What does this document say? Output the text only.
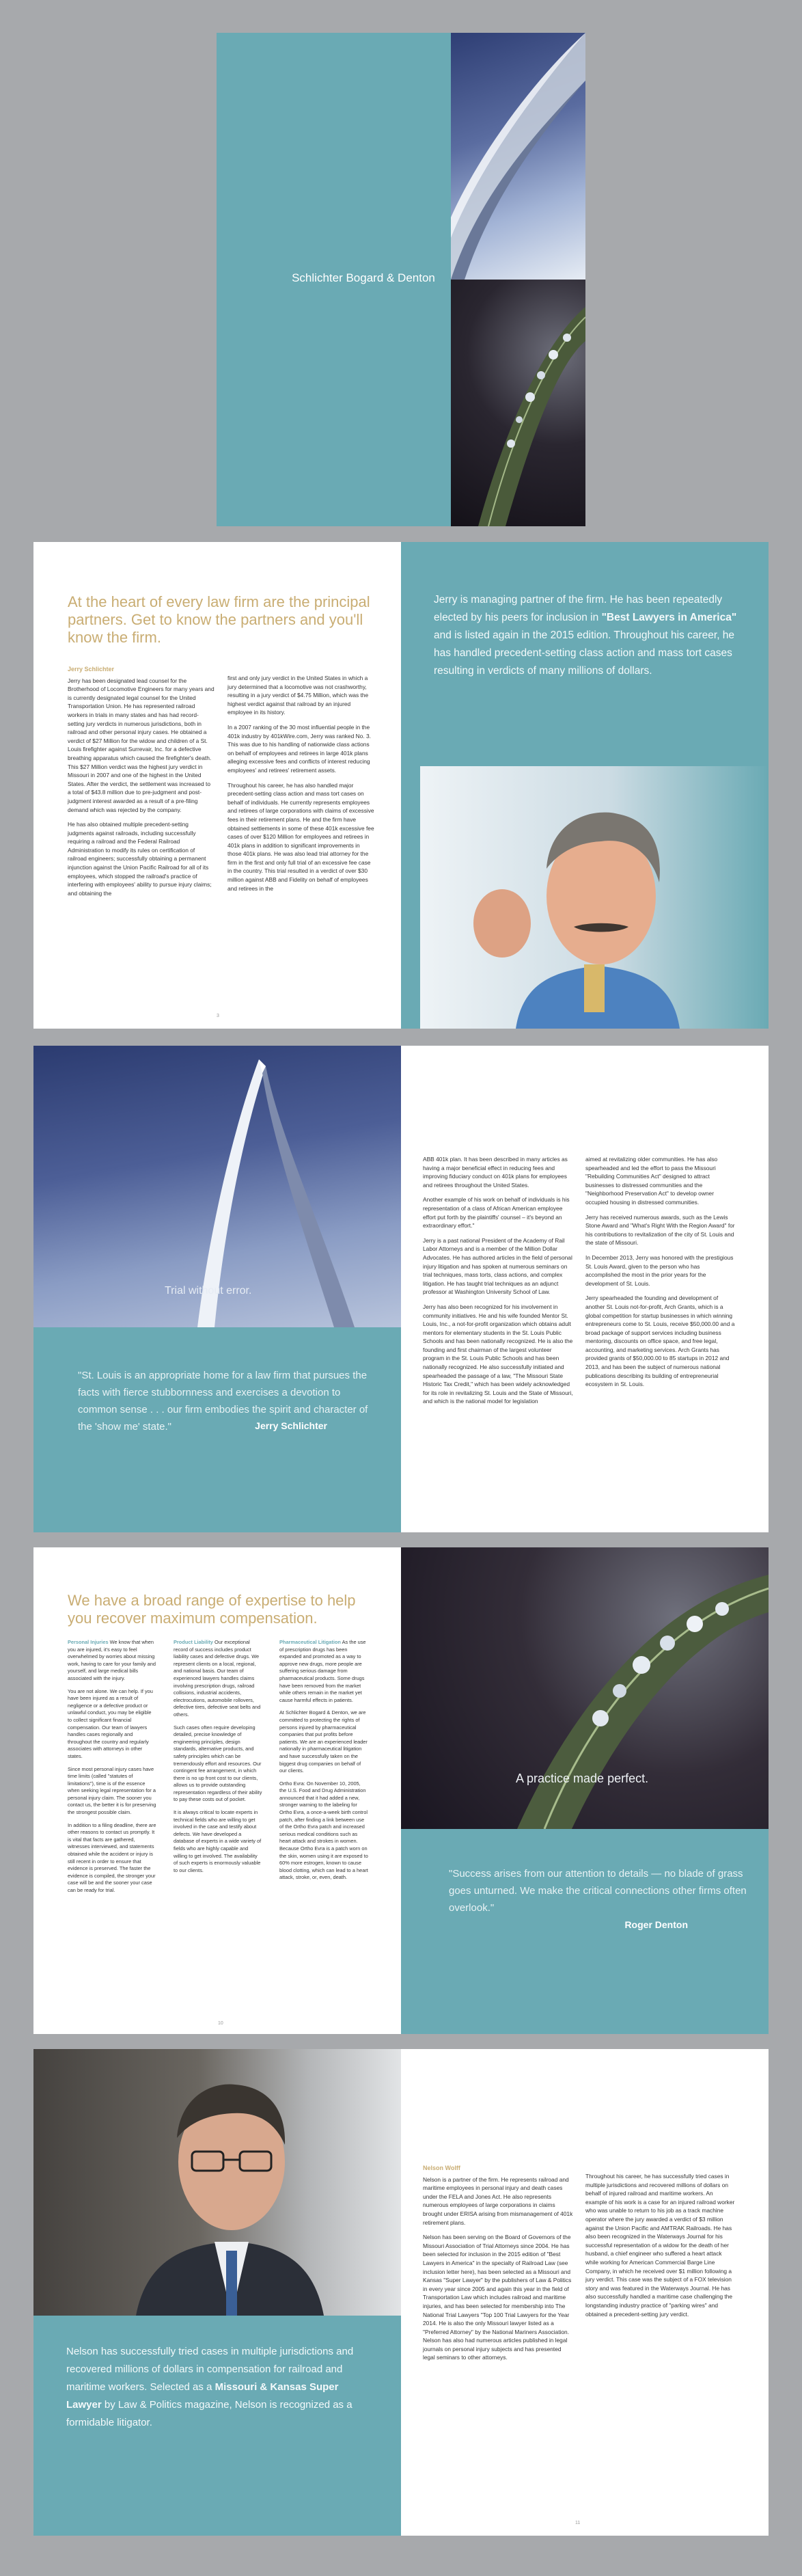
Schlichter Bogard & Denton
At the heart of every law firm are the principal partners. Get to know the partners and you'll know the firm.
Jerry Schlichter

Jerry has been designated lead counsel for the Brotherhood of Locomotive Engineers for many years and is currently designated legal counsel for the United Transportation Union. He has represented railroad workers in trials in many states and has had record-setting jury verdicts in numerous jurisdictions, both in railroad and other personal injury cases. He obtained a verdict of $27 Million for the widow and children of a St. Louis firefighter against Surrevair, Inc. for a defective breathing apparatus which caused the firefighter's death. This $27 Million verdict was the highest jury verdict in Missouri in 2007 and one of the highest in the United States. After the verdict, the settlement was increased to a total of $43.8 million due to pre-judgment and post-judgment interest awarded as a result of a pre-filing demand which was rejected by the company.

He has also obtained multiple precedent-setting judgments against railroads, including successfully requiring a railroad and the Federal Railroad Administration to modify its rules on certification of railroad engineers; successfully obtaining a permanent injunction against the Union Pacific Railroad for all of its employees, which stopped the railroad's practice of interfering with employees' ability to pursue injury claims; and obtaining the

first and only jury verdict in the United States in which a jury determined that a locomotive was not crashworthy, resulting in a jury verdict of $4.75 Million, which was the highest verdict against that railroad by an injured employee in its history.

In a 2007 ranking of the 30 most influential people in the 401k industry by 401kWire.com, Jerry was ranked No. 3. This was due to his handling of nationwide class actions on behalf of employees and retirees in large 401k plans alleging excessive fees and conflicts of interest reducing employees' and retirees' retirement assets.

Throughout his career, he has also handled major precedent-setting class action and mass tort cases on behalf of individuals. He currently represents employees and retirees of large corporations with claims of excessive fees in their retirement plans. He and the firm have obtained settlements in some of these 401k excessive fee cases of over $120 Million for employees and retirees in 401k plans in addition to significant improvements in those 401k plans. He was also lead trial attorney for the firm in the first and only full trial of an excessive fee case in the country. This trial resulted in a verdict of over $30 million against ABB and Fidelity on behalf of employees and retirees in the

3
Jerry is managing partner of the firm. He has been repeatedly elected by his peers for inclusion in "Best Lawyers in America" and is listed again in the 2015 edition. Throughout his career, he has handled precedent-setting class action and mass tort cases resulting in verdicts of many millions of dollars.
Trial without error.
"St. Louis is an appropriate home for a law firm that pursues the facts with fierce stubbornness and exercises a devotion to common sense . . . our firm embodies the spirit and character of the 'show me' state."	Jerry Schlichter

ABB 401k plan. It has been described in many articles as having a major beneficial effect in reducing fees and improving fiduciary conduct on 401k plans for employees and retirees throughout the United States.

Another example of his work on behalf of individuals is his representation of a class of African American employee effort put forth by the plaintiffs' counsel – it's beyond an extraordinary effort."

Jerry is a past national President of the Academy of Rail Labor Attorneys and is a member of the Million Dollar Advocates. He has authored articles in the field of personal injury litigation and has spoken at numerous seminars on trial techniques, mass torts, class actions, and complex litigation. He has taught trial techniques as an adjunct professor at Washington University School of Law.

Jerry has also been recognized for his involvement in community initiatives. He and his wife founded Mentor St. Louis, Inc., a not-for-profit organization which obtains adult mentors for elementary students in the St. Louis Public Schools and has been nationally recognized. He is also the founding and first chairman of the largest volunteer program in the St. Louis Public Schools and has been nationally recognized. He also successfully initiated and spearheaded the passage of a law, "The Missouri State Historic Tax Credit," which has been widely acknowledged for its role in revitalizing St. Louis and the State of Missouri, and which is the national model for legislation

aimed at revitalizing older communities. He has also spearheaded and led the effort to pass the Missouri "Rebuilding Communities Act" designed to attract businesses to distressed communities and the "Neighborhood Preservation Act" to develop owner occupied housing in distressed communities.

Jerry has received numerous awards, such as the Lewis Stone Award and "What's Right With the Region Award" for his contributions to revitalization of the city of St. Louis and the state of Missouri.

In December 2013, Jerry was honored with the prestigious St. Louis Award, given to the person who has accomplished the most in the prior years for the development of St. Louis.

Jerry spearheaded the founding and development of another St. Louis not-for-profit, Arch Grants, which is a global competition for startup businesses in which winning entrepreneurs come to St. Louis, receive $50,000.00 and a broad package of support services including business mentoring, discounts on office space, and free legal, accounting, and marketing services. Arch Grants has provided grants of $50,000.00 to 85 startups in 2012 and 2013, and has been the subject of numerous national publications describing its building of entrepreneurial ecosystem in St. Louis.

We have a broad range of expertise to help you recover maximum compensation.

Personal Injuries We know that when you are injured, it's easy to feel overwhelmed by worries about missing work, having to care for your family and yourself, and large medical bills associated with the injury.

You are not alone. We can help. If you have been injured as a result of negligence or a defective product or unlawful conduct, you may be eligible to collect significant financial compensation. Our team of lawyers handles cases regionally and throughout the country and regularly associates with attorneys in other states.

Since most personal injury cases have time limits (called "statutes of limitations"), time is of the essence when seeking legal representation for a personal injury claim. The sooner you contact us, the better it is for preserving the strongest possible claim.

In addition to a filing deadline, there are other reasons to contact us promptly. It is vital that facts are gathered, witnesses interviewed, and statements obtained while the accident or injury is still recent in order to ensure that evidence is preserved. The faster the evidence is compiled, the stronger your case will be and the sooner your case can be ready for trial.

Product Liability Our exceptional record of success includes product liability cases and defective drugs. We represent clients on a local, regional, and national basis. Our team of experienced lawyers handles claims involving prescription drugs, railroad collisions, industrial accidents, electrocutions, automobile rollovers, defective tires, defective seat belts and others.

Such cases often require developing detailed, precise knowledge of engineering principles, design standards, alternative products, and safety principles which can be tremendously effort and resources. Our contingent fee arrangement, in which there is no up front cost to our clients, allows us to provide outstanding representation regardless of their ability to pay these costs out of pocket.

It is always critical to locate experts in technical fields who are willing to get involved in the case and testify about defects. We have developed a database of experts in a wide variety of fields who are highly capable and willing to get involved. The availability of such experts is enormously valuable to our clients.

Pharmaceutical Litigation As the use of prescription drugs has been expanded and promoted as a way to approve new drugs, more people are suffering serious damage from pharmaceutical products. Some drugs have been removed from the market while others remain in the market yet cause harmful effects in patients.

At Schlichter Bogard & Denton, we are committed to protecting the rights of persons injured by pharmaceutical companies that put profits before patients. We are an experienced leader nationally in pharmaceutical litigation and have successfully taken on the biggest drug companies on behalf of our clients.

Ortho Evra: On November 10, 2005, the U.S. Food and Drug Administration announced that it had added a new, stronger warning to the labeling for Ortho Evra, a once-a-week birth control patch, after finding a link between use of the Ortho Evra patch and increased serious medical conditions such as heart attack and strokes in women. Because Ortho Evra is a patch worn on the skin, women using it are exposed to 60% more estrogen, known to cause blood clotting, which can lead to a heart attack, stroke, or, even, death.

10
A practice made perfect.
"Success arises from our attention to details — no blade of grass goes unturned. We make the critical connections other firms often overlook."
Roger Denton
Nelson has successfully tried cases in multiple jurisdictions and recovered millions of dollars in compensation for railroad and maritime workers. Selected as a Missouri & Kansas Super Lawyer by Law & Politics magazine, Nelson is recognized as a formidable litigator.
Nelson Wolff

Nelson is a partner of the firm. He represents railroad and maritime employees in personal injury and death cases under the FELA and Jones Act. He also represents numerous employees of large corporations in claims brought under ERISA arising from mismanagement of 401k retirement plans.

Nelson has been serving on the Board of Governors of the Missouri Association of Trial Attorneys since 2004. He has been selected for inclusion in the 2015 edition of "Best Lawyers in America" in the specialty of Railroad Law (see inclusion letter here), has been selected as a Missouri and Kansas "Super Lawyer" by the publishers of Law & Politics in every year since 2005 and again this year in the field of Transportation Law which includes railroad and maritime injuries, and has been selected for membership into The National Trial Lawyers "Top 100 Trial Lawyers for the Year 2014. He is also the only Missouri lawyer listed as a "Preferred Attorney" by the National Mariners Association. Nelson has also had numerous articles published in legal journals on personal injury subjects and has presented legal seminars to other attorneys.

Throughout his career, he has successfully tried cases in multiple jurisdictions and recovered millions of dollars on behalf of injured railroad and maritime workers. An example of his work is a case for an injured railroad worker who was unable to return to his job as a track machine operator where the jury awarded a verdict of $3 million against the Union Pacific and AMTRAK Railroads. He has also been recognized in the Waterways Journal for his successful representation of a widow for the death of her husband, a chief engineer who suffered a heart attack while working for American Commercial Barge Line Company, in which he received over $1 million following a jury verdict. This case was the subject of a FOX television story and was featured in the Waterways Journal. He has also successfully handled a maritime case challenging the longstanding industry practice of "parking wires" and obtained a precedent-setting jury verdict.

11
